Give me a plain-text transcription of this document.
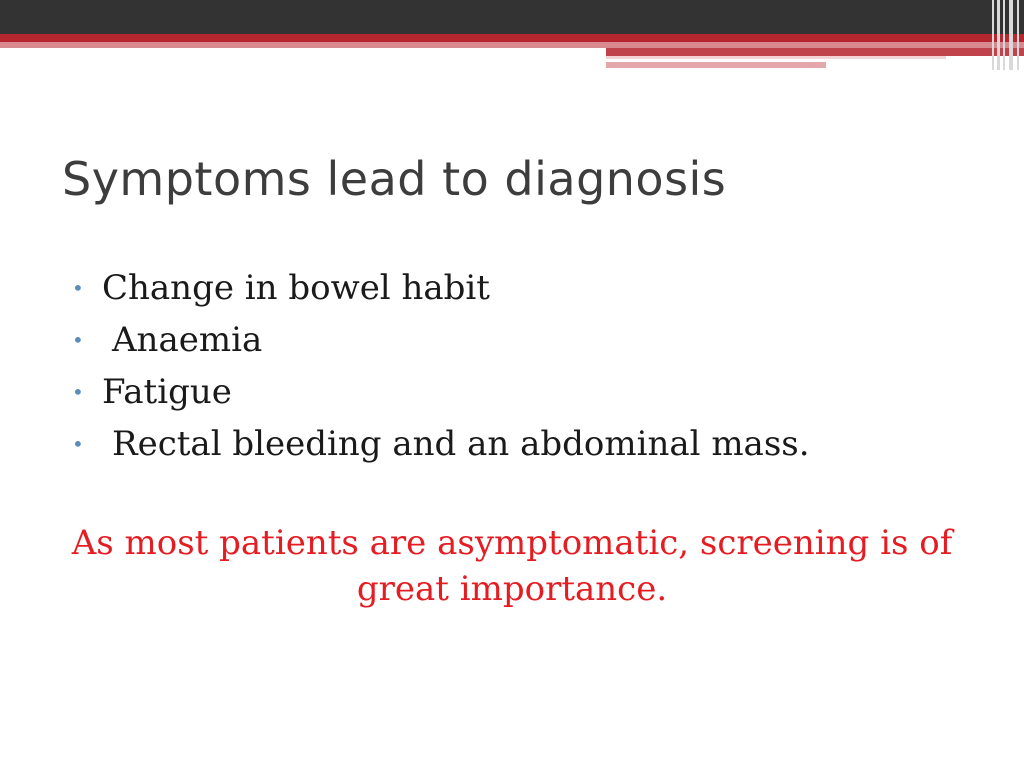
Symptoms lead to diagnosis
• Change in bowel habit
• Anaemia
• Fatigue
• Rectal bleeding and an abdominal mass.

As most patients are asymptomatic, screening is of great importance.
